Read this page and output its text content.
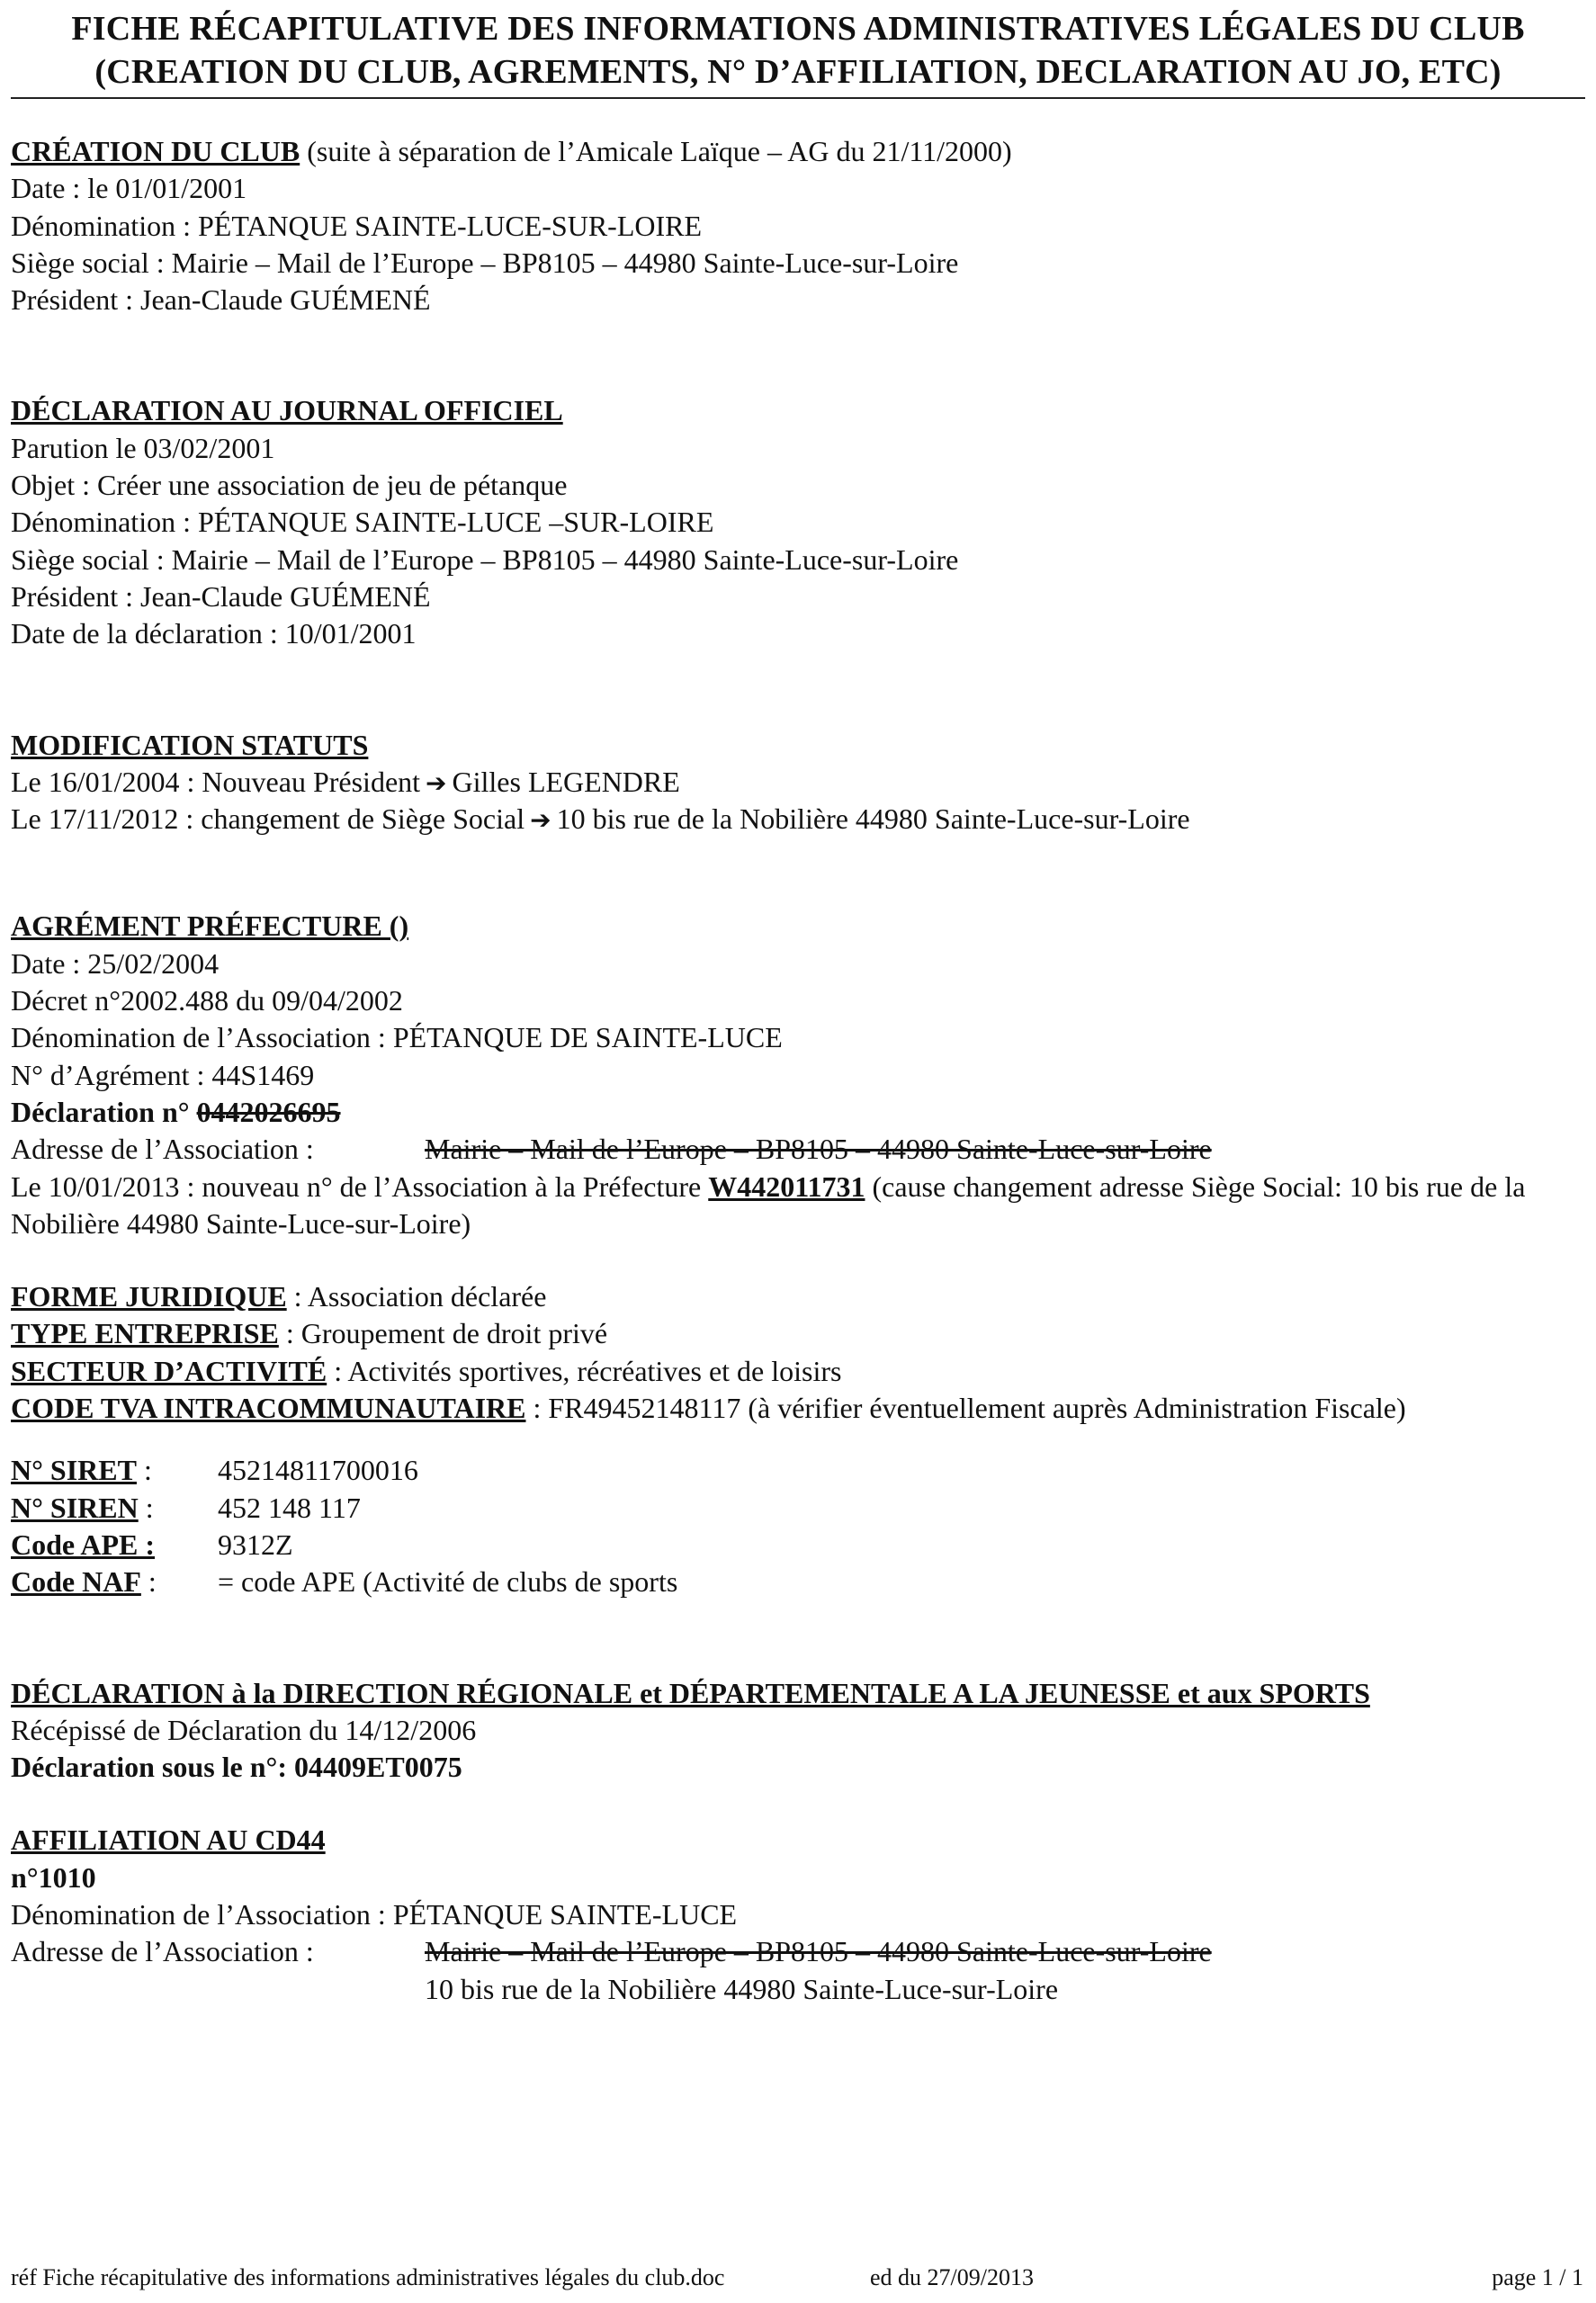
FICHE RÉCAPITULATIVE DES INFORMATIONS ADMINISTRATIVES LÉGALES DU CLUB
(CREATION DU CLUB, AGREMENTS, N° D’AFFILIATION, DECLARATION AU JO, ETC)
CRÉATION DU CLUB (suite à séparation de l’Amicale Laïque – AG du 21/11/2000)
Date : le 01/01/2001
Dénomination : PÉTANQUE SAINTE-LUCE-SUR-LOIRE
Siège social : Mairie – Mail de l’Europe – BP8105 – 44980 Sainte-Luce-sur-Loire
Président : Jean-Claude GUÉMENÉ
DÉCLARATION AU JOURNAL OFFICIEL
Parution le 03/02/2001
Objet : Créer une association de jeu de pétanque
Dénomination : PÉTANQUE SAINTE-LUCE –SUR-LOIRE
Siège social : Mairie – Mail de l’Europe – BP8105 – 44980 Sainte-Luce-sur-Loire
Président : Jean-Claude GUÉMENÉ
Date de la déclaration : 10/01/2001
MODIFICATION STATUTS
Le 16/01/2004 : Nouveau Président ➔ Gilles LEGENDRE
Le 17/11/2012 : changement de Siège Social ➔ 10 bis rue de la Nobilière 44980 Sainte-Luce-sur-Loire
AGRÉMENT PRÉFECTURE ()
Date : 25/02/2004
Décret n°2002.488 du 09/04/2002
Dénomination de l’Association : PÉTANQUE DE SAINTE-LUCE
N° d’Agrément : 44S1469
Déclaration n° 0442026695
Adresse de l’Association :	Mairie – Mail de l’Europe – BP8105 – 44980 Sainte-Luce-sur-Loire
Le 10/01/2013 : nouveau n° de l’Association à la Préfecture W442011731 (cause changement adresse Siège Social: 10 bis rue de la Nobilière 44980 Sainte-Luce-sur-Loire)
FORME JURIDIQUE : Association déclarée
TYPE ENTREPRISE : Groupement de droit privé
SECTEUR D’ACTIVITÉ : Activités sportives, récréatives et de loisirs
CODE TVA INTRACOMMUNAUTAIRE : FR49452148117 (à vérifier éventuellement auprès Administration Fiscale)
N° SIRET : 45214811700016
N° SIREN : 452 148 117
Code APE : 9312Z
Code NAF : = code APE (Activité de clubs de sports
DÉCLARATION à la DIRECTION RÉGIONALE et DÉPARTEMENTALE A LA JEUNESSE et aux SPORTS
Récépissé de Déclaration du 14/12/2006
Déclaration sous le n°: 04409ET0075
AFFILIATION AU CD44
n°1010
Dénomination de l’Association : PÉTANQUE SAINTE-LUCE
Adresse de l’Association :	Mairie – Mail de l’Europe – BP8105 – 44980 Sainte-Luce-sur-Loire
10 bis rue de la Nobilière 44980 Sainte-Luce-sur-Loire
réf Fiche récapitulative des informations administratives légales du club.doc	ed du 27/09/2013	page 1 / 1
